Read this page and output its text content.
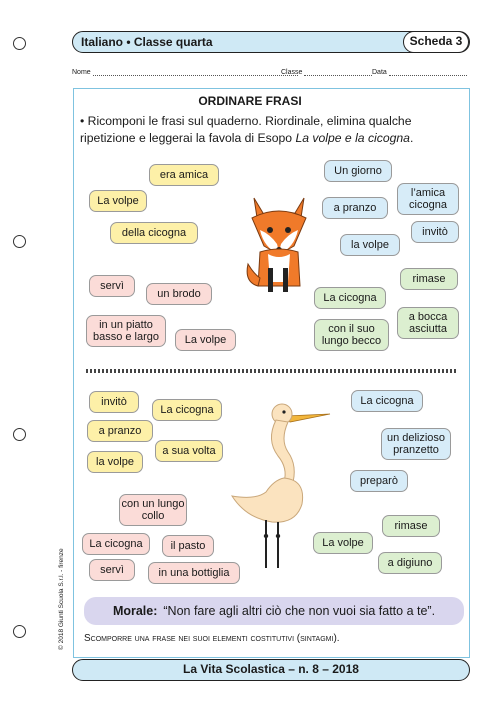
Italiano • Classe quarta	Scheda 3
Nome	Classe	Data
ORDINARE FRASI
• Ricomponi le frasi sul quaderno. Riordinale, elimina qualche ripetizione e leggerai la favola di Esopo La volpe e la cicogna.
era amica
La volpe
della cicogna
servì
un brodo
in un piatto basso e largo	La volpe
Un giorno
l’amica cicogna
a pranzo
invitò
la volpe
rimase
La cicogna
a bocca asciutta
con il suo lungo becco
invitò
La cicogna
a pranzo
la volpe
a sua volta
con un lungo collo
La cicogna	il pasto
servì	in una bottiglia
La cicogna
un delizioso pranzetto
preparò
rimase
La volpe
a digiuno
Morale: “Non fare agli altri ciò che non vuoi sia fatto a te”.
Scomporre una frase nei suoi elementi costitutivi (sintagmi).
La Vita Scolastica – n. 8 – 2018
© 2018 Giunti Scuola S.r.l. - firenze
